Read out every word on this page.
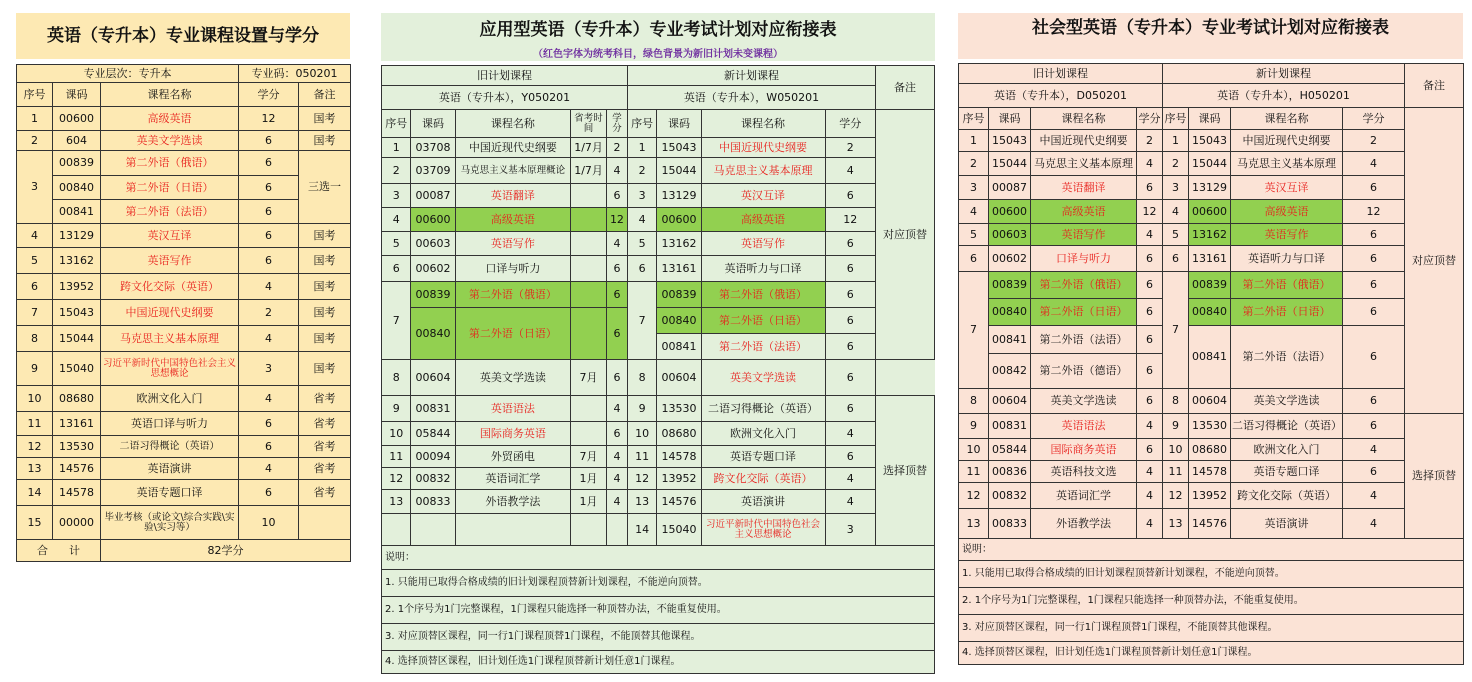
英语（专升本）专业课程设置与学分
专业层次：专升本			专业码：050201	
序号	课码	课程名称	学分	备注
1	00600	高级英语	12	国考
2	604	英美文学选读	6	国考
3	00839	第二外语（俄语）	6	三选一
	00840	第二外语（日语）	6	
	00841	第二外语（法语）	6	
4	13129	英汉互译	6	国考
5	13162	英语写作	6	国考
6	13952	跨文化交际（英语）	4	国考
7	15043	中国近现代史纲要	2	国考
8	15044	马克思主义基本原理	4	国考
9	15040	习近平新时代中国特色社会主义思想概论	3	国考
10	08680	欧洲文化入门	4	省考
11	13161	英语口译与听力	6	省考
12	13530	二语习得概论（英语）	6	省考
13	14576	英语演讲	4	省考
14	14578	英语专题口译	6	省考
15	00000	毕业考核（或论文\综合实践\实验\实习等）	10	
合 计		82学分		
应用型英语（专升本）专业考试计划对应衔接表
（红色字体为统考科目，绿色背景为新旧计划未变课程）
旧计划课程					新计划课程				备注
英语（专升本），Y050201					英语（专升本），W050201				
序号	课码	课程名称	省考时间	学分	序号	课码	课程名称	学分	对应顶替
1	03708	中国近现代史纲要	1/7月	2	1	15043	中国近现代史纲要	2	
2	03709	马克思主义基本原理概论	1/7月	4	2	15044	马克思主义基本原理	4	
3	00087	英语翻译		6	3	13129	英汉互译	6	
4	00600	高级英语		12	4	00600	高级英语	12	
5	00603	英语写作		4	5	13162	英语写作	6	
6	00602	口译与听力		6	6	13161	英语听力与口译	6	
7	00839	第二外语（俄语）		6	7	00839	第二外语（俄语）	6	
	00840	第二外语（日语）		6		00840	第二外语（日语）	6	
						00841	第二外语（法语）	6	
8	00604	英美文学选读	7月	6	8	00604	英美文学选读	6	
9	00831	英语语法		4	9	13530	二语习得概论（英语）	6	选择顶替
10	05844	国际商务英语		6	10	08680	欧洲文化入门	4	
11	00094	外贸函电	7月	4	11	14578	英语专题口译	6	
12	00832	英语词汇学	1月	4	12	13952	跨文化交际（英语）	4	
13	00833	外语教学法	1月	4	13	14576	英语演讲	4	
					14	15040	习近平新时代中国特色社会主义思想概论	3	
说明：									
1. 只能用已取得合格成绩的旧计划课程顶替新计划课程，不能逆向顶替。									
2. 1个序号为1门完整课程，1门课程只能选择一种顶替办法，不能重复使用。									
3. 对应顶替区课程，同一行1门课程顶替1门课程，不能顶替其他课程。									
4. 选择顶替区课程，旧计划任选1门课程顶替新计划任意1门课程。									
社会型英语（专升本）专业考试计划对应衔接表
旧计划课程				新计划课程				备注
英语（专升本），D050201				英语（专升本），H050201				
序号	课码	课程名称	学分	序号	课码	课程名称	学分	对应顶替
1	15043	中国近现代史纲要	2	1	15043	中国近现代史纲要	2	
2	15044	马克思主义基本原理	4	2	15044	马克思主义基本原理	4	
3	00087	英语翻译	6	3	13129	英汉互译	6	
4	00600	高级英语	12	4	00600	高级英语	12	
5	00603	英语写作	4	5	13162	英语写作	6	
6	00602	口译与听力	6	6	13161	英语听力与口译	6	
7	00839	第二外语（俄语）	6	7	00839	第二外语（俄语）	6	
	00840	第二外语（日语）	6		00840	第二外语（日语）	6	
	00841	第二外语（法语）	6		00841	第二外语（法语）	6	
	00842	第二外语（德语）	6					
8	00604	英美文学选读	6	8	00604	英美文学选读	6	
9	00831	英语语法	4	9	13530	二语习得概论（英语）	6	选择顶替
10	05844	国际商务英语	6	10	08680	欧洲文化入门	4	
11	00836	英语科技文选	4	11	14578	英语专题口译	6	
12	00832	英语词汇学	4	12	13952	跨文化交际（英语）	4	
13	00833	外语教学法	4	13	14576	英语演讲	4	
说明：								
1. 只能用已取得合格成绩的旧计划课程顶替新计划课程，不能逆向顶替。								
2. 1个序号为1门完整课程，1门课程只能选择一种顶替办法，不能重复使用。								
3. 对应顶替区课程，同一行1门课程顶替1门课程，不能顶替其他课程。								
4. 选择顶替区课程，旧计划任选1门课程顶替新计划任意1门课程。								
